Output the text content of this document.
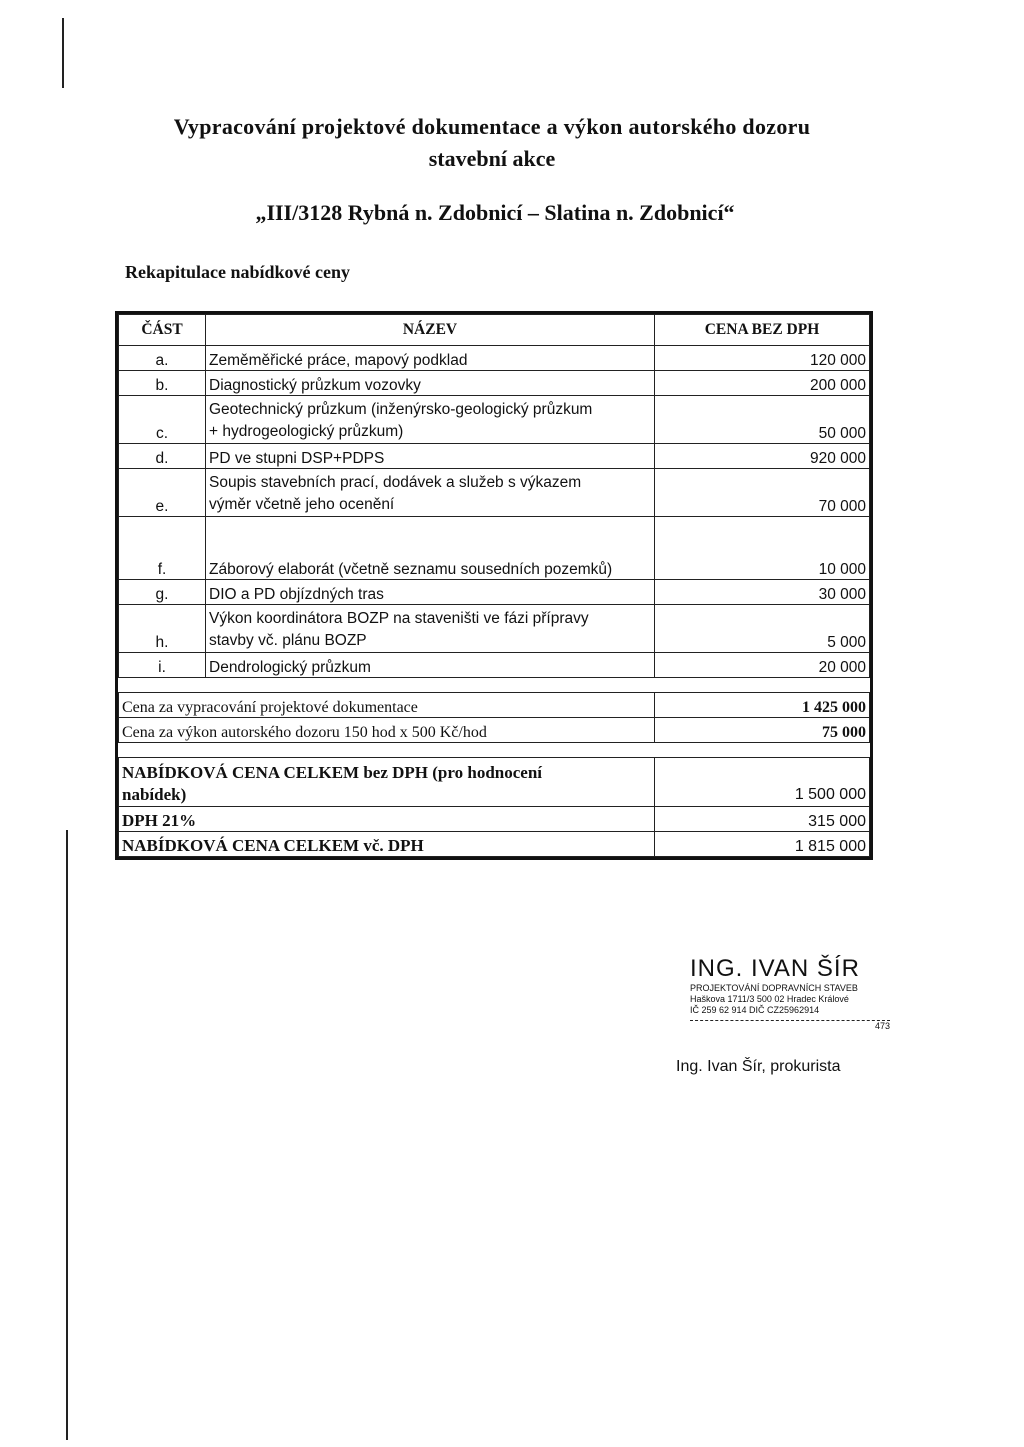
Vypracování projektové dokumentace a výkon autorského dozoru
stavební akce
„III/3128 Rybná n. Zdobnicí – Slatina n. Zdobnicí“
Rekapitulace nabídkové ceny
ČÁST	NÁZEV	CENA BEZ DPH
a.	Zeměměřické práce, mapový podklad	120 000
b.	Diagnostický průzkum vozovky	200 000
c.	Geotechnický průzkum (inženýrsko-geologický průzkum
+ hydrogeologický průzkum)	50 000
d.	PD ve stupni DSP+PDPS	920 000
e.	Soupis stavebních prací, dodávek a služeb s výkazem
výměr včetně jeho ocenění	70 000
f.	Záborový elaborát (včetně seznamu sousedních pozemků)	10 000
g.	DIO a PD objízdných tras	30 000
h.	Výkon koordinátora BOZP na staveništi ve fázi přípravy
stavby vč. plánu BOZP	5 000
i.	Dendrologický průzkum	20 000

Cena za vypracování projektové dokumentace		1 425 000
Cena za výkon autorského dozoru 150 hod x 500 Kč/hod		75 000

NABÍDKOVÁ CENA CELKEM bez DPH (pro hodnocení
nabídek)		1 500 000
DPH 21%		315 000
NABÍDKOVÁ CENA CELKEM vč. DPH		1 815 000
ING. IVAN ŠÍR
PROJEKTOVÁNÍ DOPRAVNÍCH STAVEB
Haškova 1711/3 500 02 Hradec Králové
IČ 259 62 914 DIČ CZ25962914
473
Ing. Ivan Šír, prokurista
